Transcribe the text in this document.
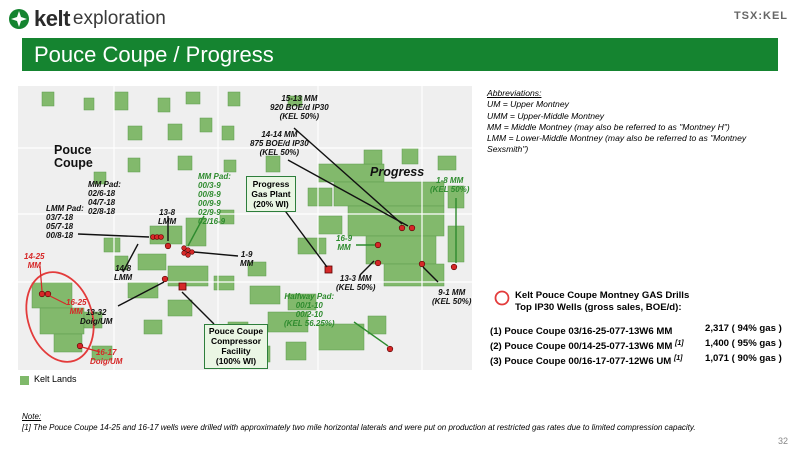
kelt exploration	TSX:KEL
Pouce Coupe / Progress
Pouce
Coupe
Progress
15-13 MM
920 BOE/d IP30
(KEL 50%)
14-14 MM
875 BOE/d IP30
(KEL 50%)
13-3 MM
(KEL 50%)
9-1 MM
(KEL 50%)
1-9
MM
MM Pad:
02/6-18
04/7-18
02/8-18
LMM Pad:
03/7-18
05/7-18
00/8-18
13-8
LMM
14-8
LMM
13-32
Doig/UM
MM Pad:
00/3-9
00/8-9
00/9-9
02/9-9
02/16-9
1-8 MM
(KEL 50%)
16-9
MM
Halfway Pad:
00/1-10
00/2-10
(KEL 56.25%)
14-25
MM
16-25
MM
16-17
Doig/UM
Progress
Gas Plant
(20% WI)
Pouce Coupe
Compressor
Facility
(100% WI)
Kelt Lands
Abbreviations:
UM = Upper Montney
UMM = Upper-Middle Montney
MM = Middle Montney (may also be referred to as "Montney H")
LMM = Lower-Middle Montney (may also be referred to as "Montney
Sexsmith")
Kelt Pouce Coupe Montney GAS Drills
Top IP30 Wells (gross sales, BOE/d):
(1) Pouce Coupe 03/16-25-077-13W6 MM	2,317 ( 94% gas )
(2) Pouce Coupe 00/14-25-077-13W6 MM [1] 1,400 ( 95% gas )
(3) Pouce Coupe 00/16-17-077-12W6 UM [1] 1,071 ( 90% gas )
Note:
[1] The Pouce Coupe 14-25 and 16-17 wells were drilled with approximately two mile horizontal laterals and were put on production at restricted gas rates due to limited compression capacity.
32
